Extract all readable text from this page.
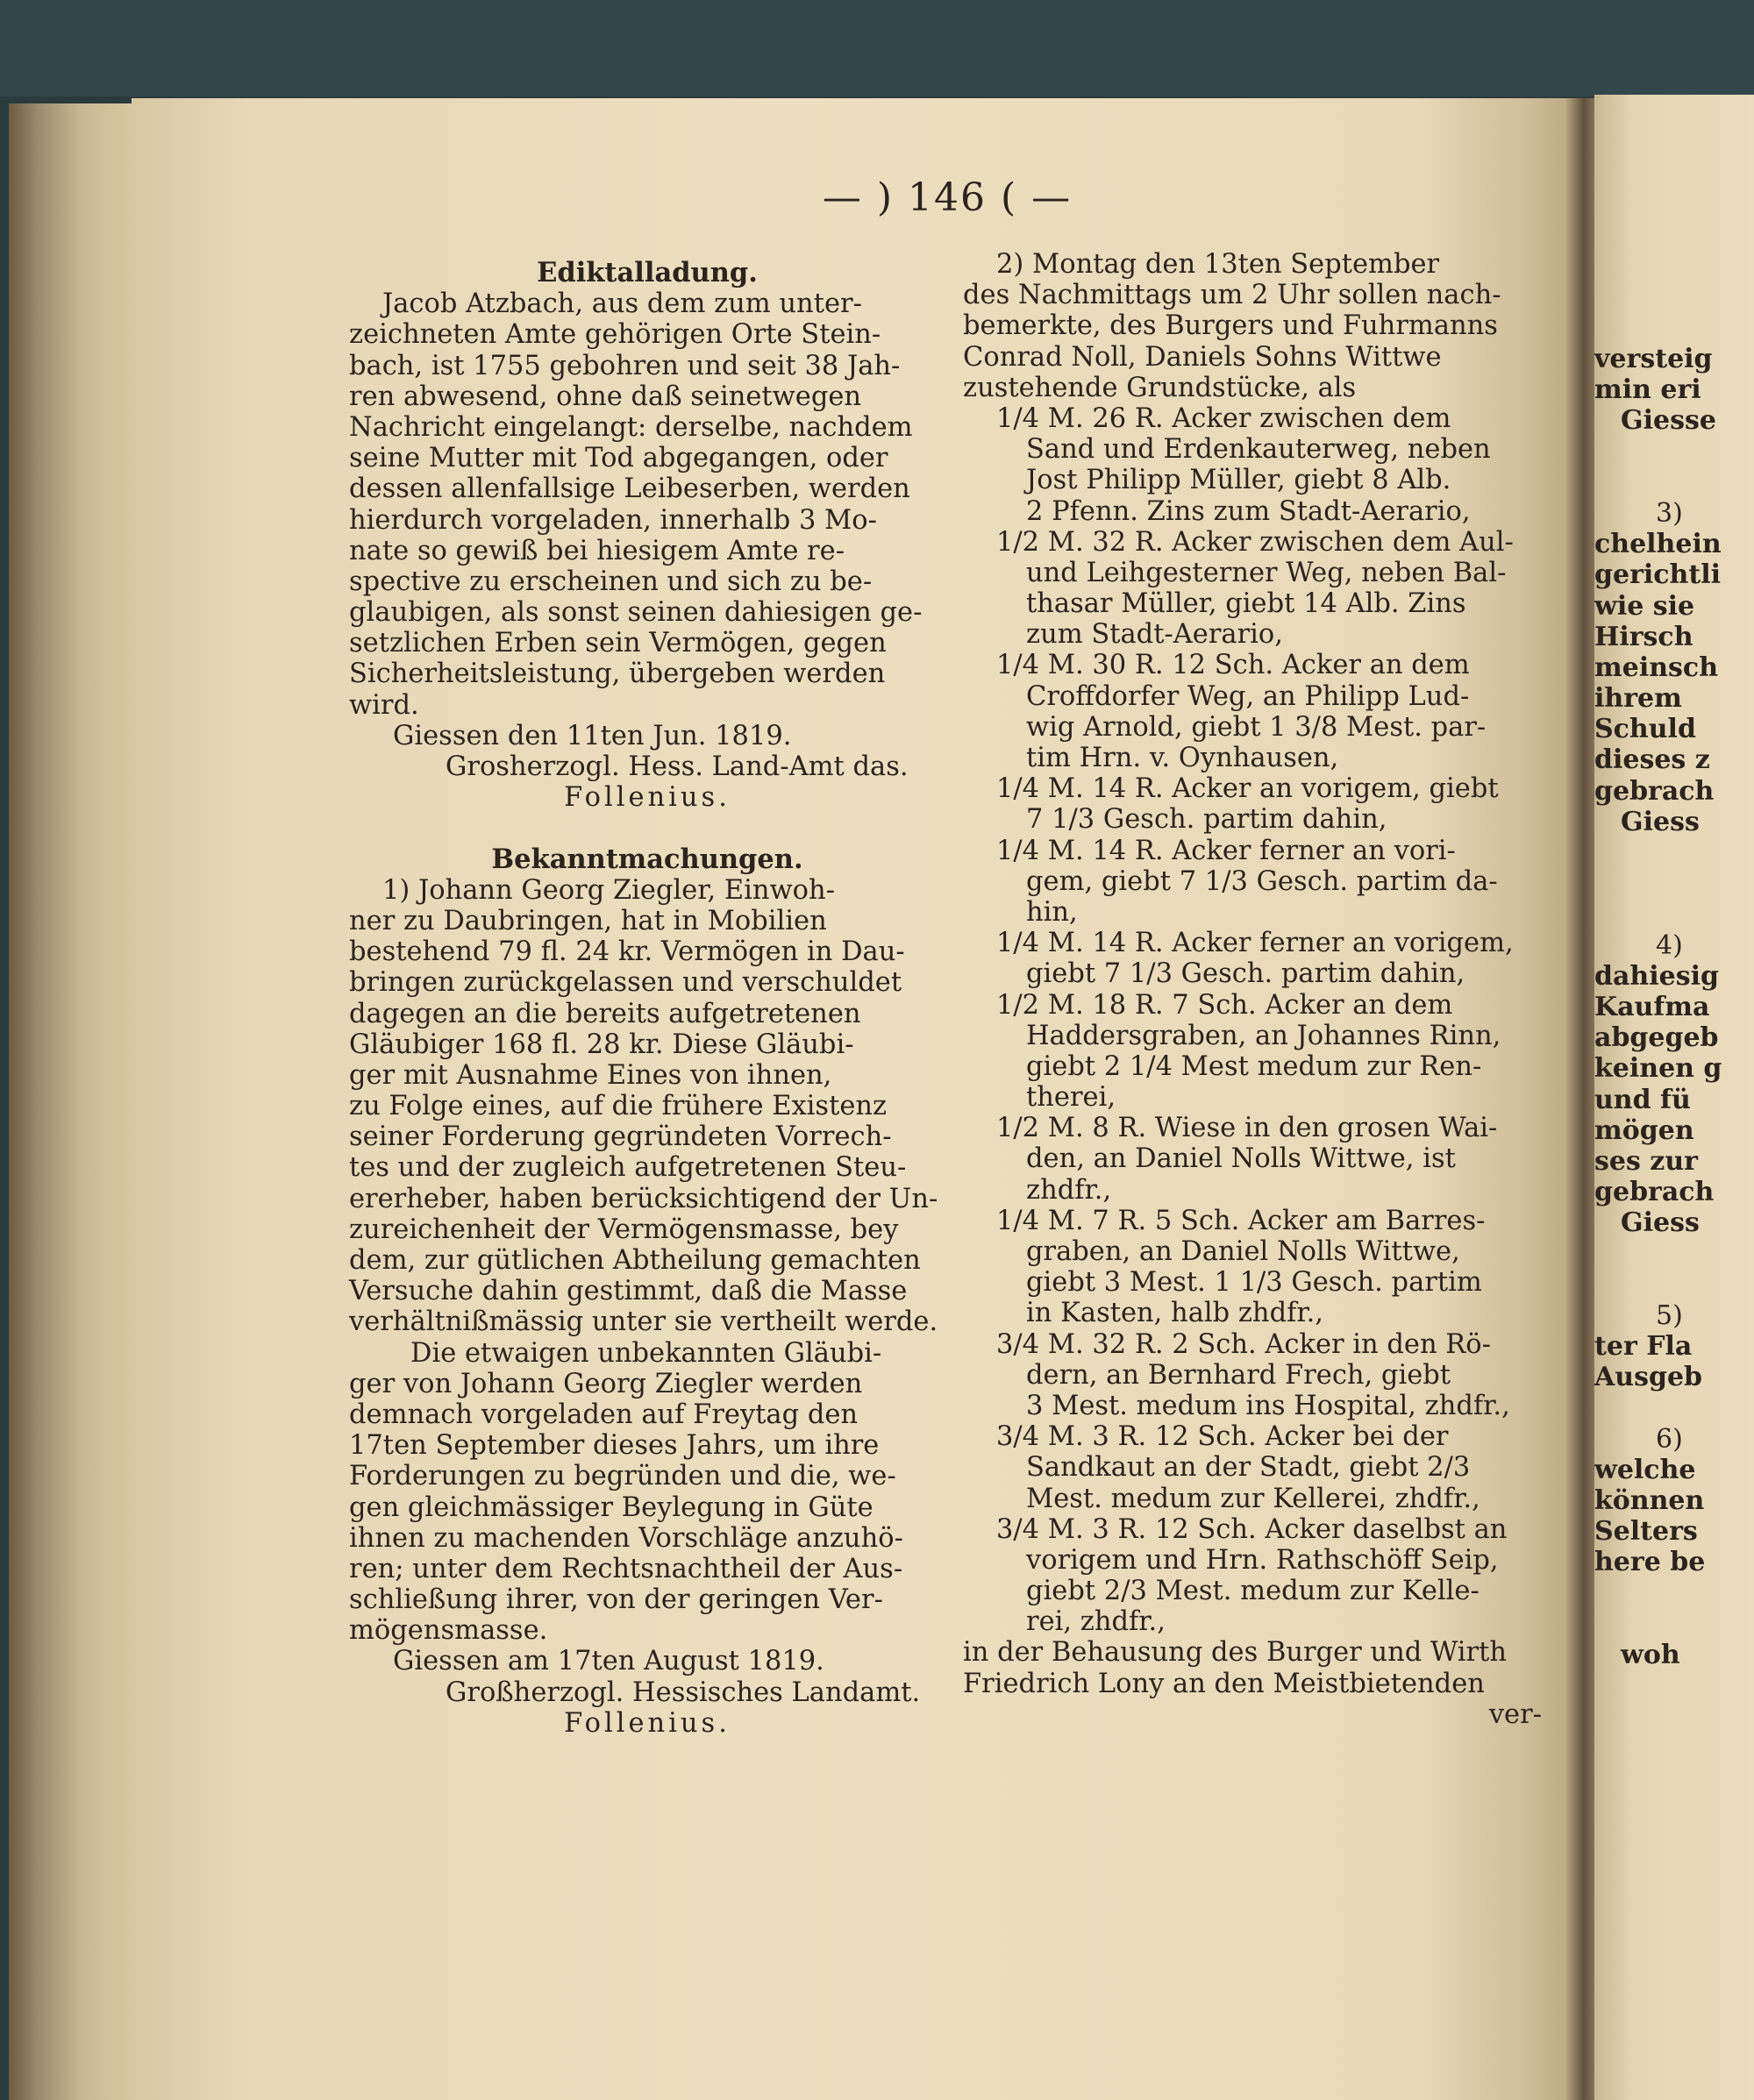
— ) 146 ( —
Ediktalladung.
Jacob Atzbach, aus dem zum unter-
zeichneten Amte gehörigen Orte Stein-
bach, ist 1755 gebohren und seit 38 Jah-
ren abwesend, ohne daß seinetwegen
Nachricht eingelangt: derselbe, nachdem
seine Mutter mit Tod abgegangen, oder
dessen allenfallsige Leibeserben, werden
hierdurch vorgeladen, innerhalb 3 Mo-
nate so gewiß bei hiesigem Amte re-
spective zu erscheinen und sich zu be-
glaubigen, als sonst seinen dahiesigen ge-
setzlichen Erben sein Vermögen, gegen
Sicherheitsleistung, übergeben werden
wird.
Giessen den 11ten Jun. 1819.
Grosherzogl. Hess. Land-Amt das.
Follenius.
Bekanntmachungen.
1) Johann Georg Ziegler, Einwoh-
ner zu Daubringen, hat in Mobilien
bestehend 79 fl. 24 kr. Vermögen in Dau-
bringen zurückgelassen und verschuldet
dagegen an die bereits aufgetretenen
Gläubiger 168 fl. 28 kr. Diese Gläubi-
ger mit Ausnahme Eines von ihnen,
zu Folge eines, auf die frühere Existenz
seiner Forderung gegründeten Vorrech-
tes und der zugleich aufgetretenen Steu-
ererheber, haben berücksichtigend der Un-
zureichenheit der Vermögensmasse, bey
dem, zur gütlichen Abtheilung gemachten
Versuche dahin gestimmt, daß die Masse
verhältnißmässig unter sie vertheilt werde.
Die etwaigen unbekannten Gläubi-
ger von Johann Georg Ziegler werden
demnach vorgeladen auf Freytag den
17ten September dieses Jahrs, um ihre
Forderungen zu begründen und die, we-
gen gleichmässiger Beylegung in Güte
ihnen zu machenden Vorschläge anzuhö-
ren; unter dem Rechtsnachtheil der Aus-
schließung ihrer, von der geringen Ver-
mögensmasse.
Giessen am 17ten August 1819.
Großherzogl. Hessisches Landamt.
Follenius.
2) Montag den 13ten September
des Nachmittags um 2 Uhr sollen nach-
bemerkte, des Burgers und Fuhrmanns
Conrad Noll, Daniels Sohns Wittwe
zustehende Grundstücke, als
1/4 M. 26 R. Acker zwischen dem
Sand und Erdenkauterweg, neben
Jost Philipp Müller, giebt 8 Alb.
2 Pfenn. Zins zum Stadt-Aerario,
1/2 M. 32 R. Acker zwischen dem Aul-
und Leihgesterner Weg, neben Bal-
thasar Müller, giebt 14 Alb. Zins
zum Stadt-Aerario,
1/4 M. 30 R. 12 Sch. Acker an dem
Croffdorfer Weg, an Philipp Lud-
wig Arnold, giebt 1 3/8 Mest. par-
tim Hrn. v. Oynhausen,
1/4 M. 14 R. Acker an vorigem, giebt
7 1/3 Gesch. partim dahin,
1/4 M. 14 R. Acker ferner an vori-
gem, giebt 7 1/3 Gesch. partim da-
hin,
1/4 M. 14 R. Acker ferner an vorigem,
giebt 7 1/3 Gesch. partim dahin,
1/2 M. 18 R. 7 Sch. Acker an dem
Haddersgraben, an Johannes Rinn,
giebt 2 1/4 Mest medum zur Ren-
therei,
1/2 M. 8 R. Wiese in den grosen Wai-
den, an Daniel Nolls Wittwe, ist
zhdfr.,
1/4 M. 7 R. 5 Sch. Acker am Barres-
graben, an Daniel Nolls Wittwe,
giebt 3 Mest. 1 1/3 Gesch. partim
in Kasten, halb zhdfr.,
3/4 M. 32 R. 2 Sch. Acker in den Rö-
dern, an Bernhard Frech, giebt
3 Mest. medum ins Hospital, zhdfr.,
3/4 M. 3 R. 12 Sch. Acker bei der
Sandkaut an der Stadt, giebt 2/3
Mest. medum zur Kellerei, zhdfr.,
3/4 M. 3 R. 12 Sch. Acker daselbst an
vorigem und Hrn. Rathschöff Seip,
giebt 2/3 Mest. medum zur Kelle-
rei, zhdfr.,
in der Behausung des Burger und Wirth
Friedrich Lony an den Meistbietenden
ver-
versteig
min eri
Giesse
3)
chelhein
gerichtli
wie sie
Hirsch
meinsch
ihrem
Schuld
dieses z
gebrach
Giess
4)
dahiesig
Kaufma
abgegeb
keinen g
und fü
mögen
ses zur
gebrach
Giess
5)
ter Fla
Ausgeb
6)
welche
können
Selters
here be
woh
